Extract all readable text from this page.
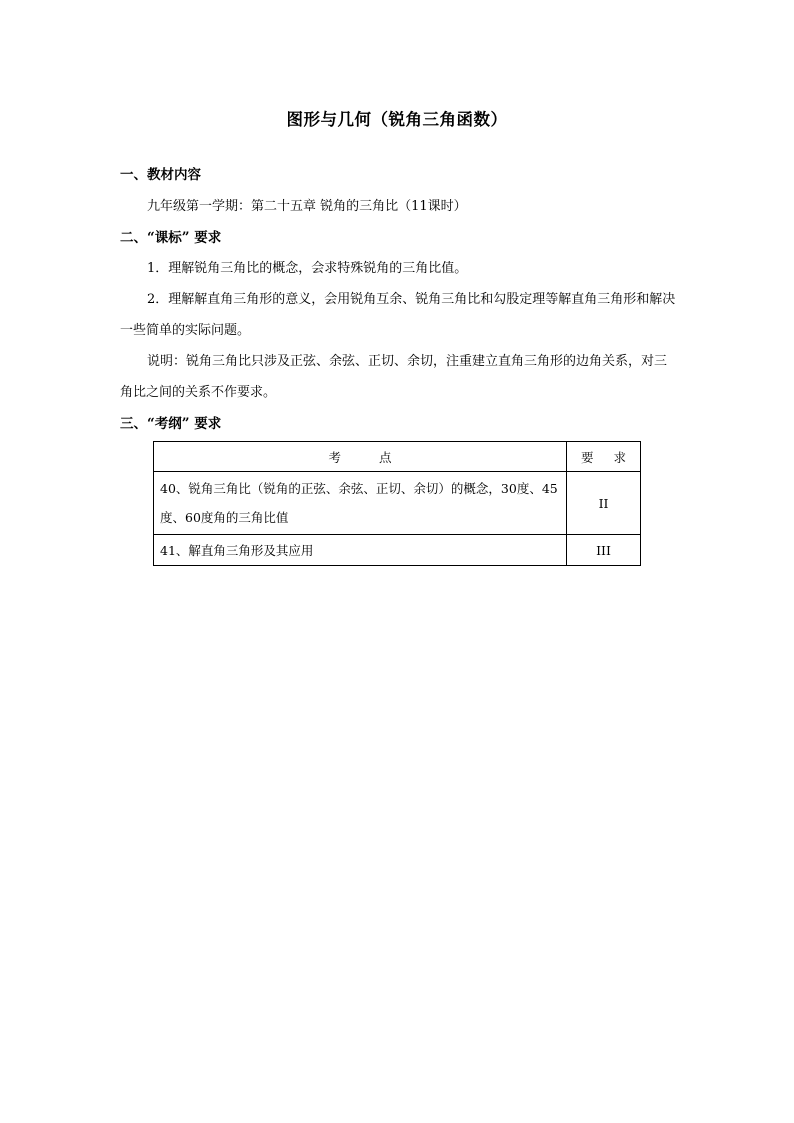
图形与几何（锐角三角函数）
一、教材内容
九年级第一学期：第二十五章 锐角的三角比（11课时）
二、“课标” 要求
1．理解锐角三角比的概念，会求特殊锐角的三角比值。
2．理解解直角三角形的意义，会用锐角互余、锐角三角比和勾股定理等解直角三角形和解决一些简单的实际问题。
说明：锐角三角比只涉及正弦、余弦、正切、余切，注重建立直角三角形的边角关系，对三角比之间的关系不作要求。
三、“考纲” 要求
考 点	要 求
40、锐角三角比（锐角的正弦、余弦、正切、余切）的概念，30度、45度、60度角的三角比值	II
41、解直角三角形及其应用	III
